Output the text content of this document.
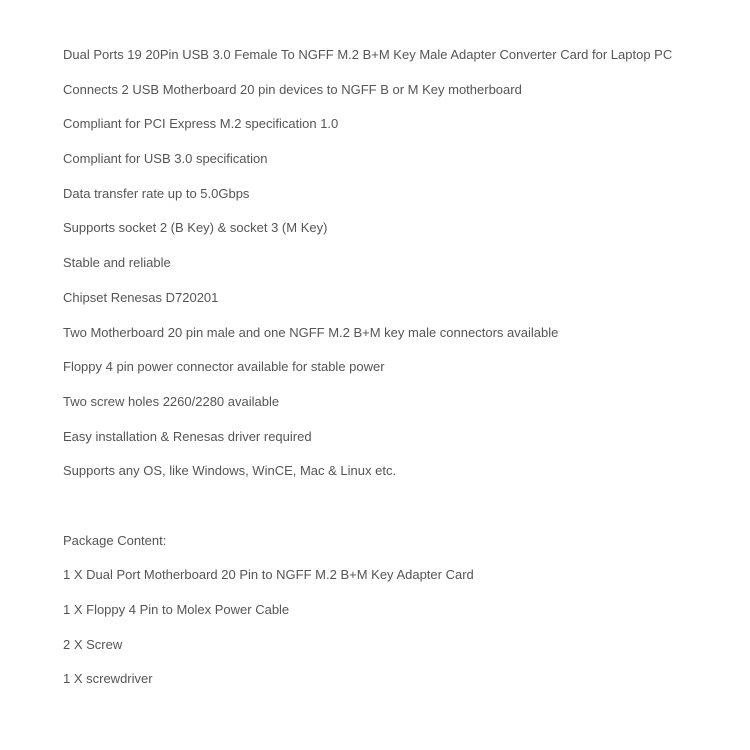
Dual Ports 19 20Pin USB 3.0 Female To NGFF M.2 B+M Key Male Adapter Converter Card for Laptop PC
Connects 2 USB Motherboard 20 pin devices to NGFF B or M Key motherboard
Compliant for PCI Express M.2 specification 1.0
Compliant for USB 3.0 specification
Data transfer rate up to 5.0Gbps
Supports socket 2 (B Key) & socket 3 (M Key)
Stable and reliable
Chipset Renesas D720201
Two Motherboard 20 pin male and one NGFF M.2 B+M key male connectors available
Floppy 4 pin power connector available for stable power
Two screw holes 2260/2280 available
Easy installation & Renesas driver required
Supports any OS, like Windows, WinCE, Mac & Linux etc.
Package Content:
1 X Dual Port Motherboard 20 Pin to NGFF M.2 B+M Key Adapter Card
1 X Floppy 4 Pin to Molex Power Cable
2 X Screw
1 X screwdriver
